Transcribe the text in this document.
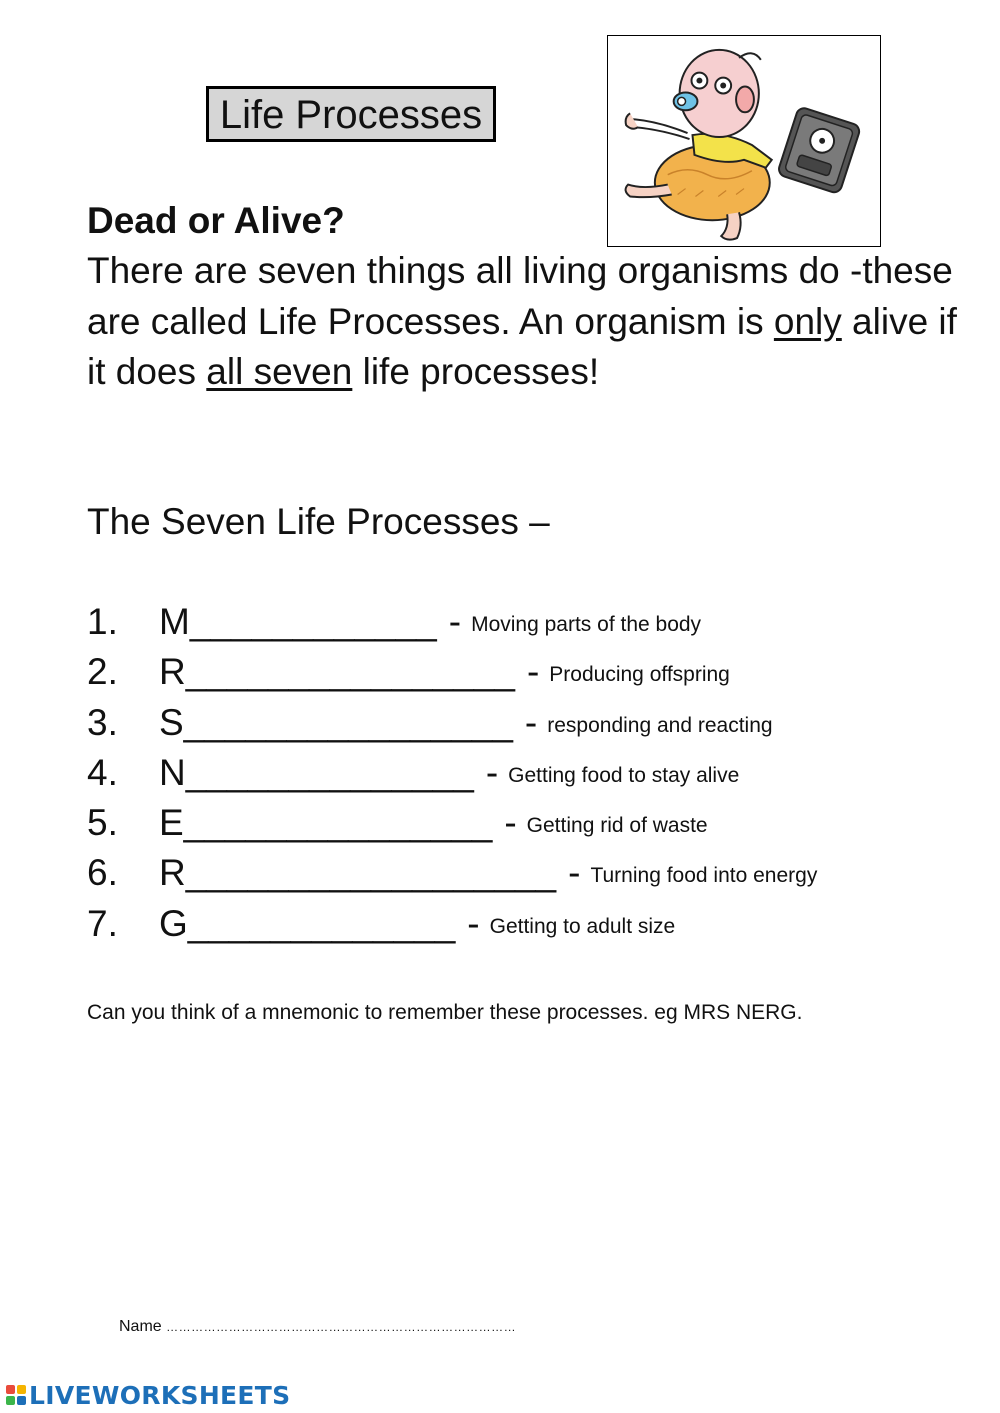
Life Processes
Dead or Alive?
There are seven things all living organisms do -these are called Life Processes. An organism is only alive if it does all seven life processes!
The Seven Life Processes –
1. M____________ - Moving parts of the body
2. R________________ - Producing offspring
3. S________________ - responding and reacting
4. N______________ - Getting food to stay alive
5. E_______________ - Getting rid of waste
6. R__________________ - Turning food into energy
7. G_____________ - Getting to adult size
Can you think of a mnemonic to remember these processes. eg MRS NERG.
Name …………………………………………………………………………
LIVEWORKSHEETS
